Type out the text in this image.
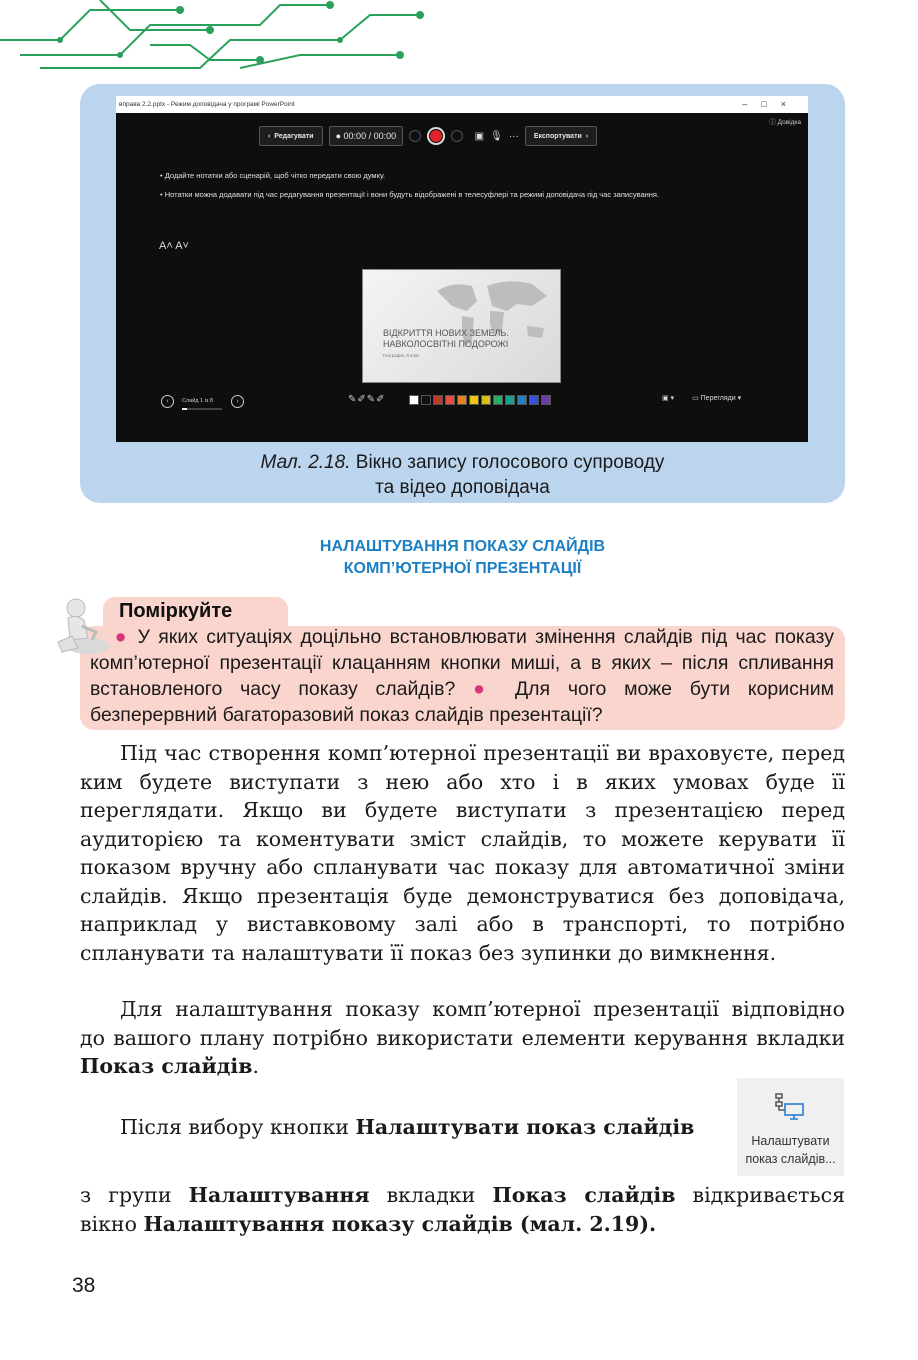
вправа 2.2.pptx - Режим доповідача у програмі PowerPoint	–□×
ⓘ Довідка
‹ Редагувати ● 00:00 / 00:00	▣ 🎙 ··· Експортувати ›
• Додайте нотатки або сценарій, щоб чітко передати свою думку.
• Нотатки можна додавати під час редагування презентації і вони будуть відображені в телесуфлері та режимі доповідача під час записування.
A˄ A˅
ВІДКРИТТЯ НОВИХ ЗЕМЕЛЬ. НАВКОЛОСВІТНІ ПОДОРОЖІ
Географія, 8 клас
‹	Слайд 1 із 8	›	✎✐✎✐	▣ ▾	▭ Перегляди ▾
Мал. 2.18. Вікно запису голосового супроводу
та відео доповідача
НАЛАШТУВАННЯ ПОКАЗУ СЛАЙДІВ
КОМП’ЮТЕРНОЇ ПРЕЗЕНТАЦІЇ
Поміркуйте
● У яких ситуаціях доцільно встановлювати змінення слайдів під час показу комп’ютерної презентації клацанням кнопки миші, а в яких – після спливання встановленого часу показу слайдів? ● Для чого може бути корисним безперервний багаторазовий показ слайдів презентації?

Під час створення комп’ютерної презентації ви враховуєте, перед ким будете виступати з нею або хто і в яких умовах буде її переглядати. Якщо ви будете виступати з презентацією перед аудиторією та коментувати зміст слайдів, то можете керувати її показом вручну або спланувати час показу для автоматичної зміни слайдів. Якщо презентація буде демонструватися без доповідача, наприклад у виставковому залі або в транспорті, то потрібно спланувати та налаштувати її показ без зупинки до вимкнення.

Для налаштування показу комп’ютерної презентації відповідно до вашого плану потрібно використати елементи керування вкладки Показ слайдів.

Після вибору кнопки Налаштувати показ слайдів

з групи Налаштування вкладки Показ слайдів відкривається вікно Налаштування показу слайдів (мал. 2.19).

Налаштувати
показ слайдів...
38
